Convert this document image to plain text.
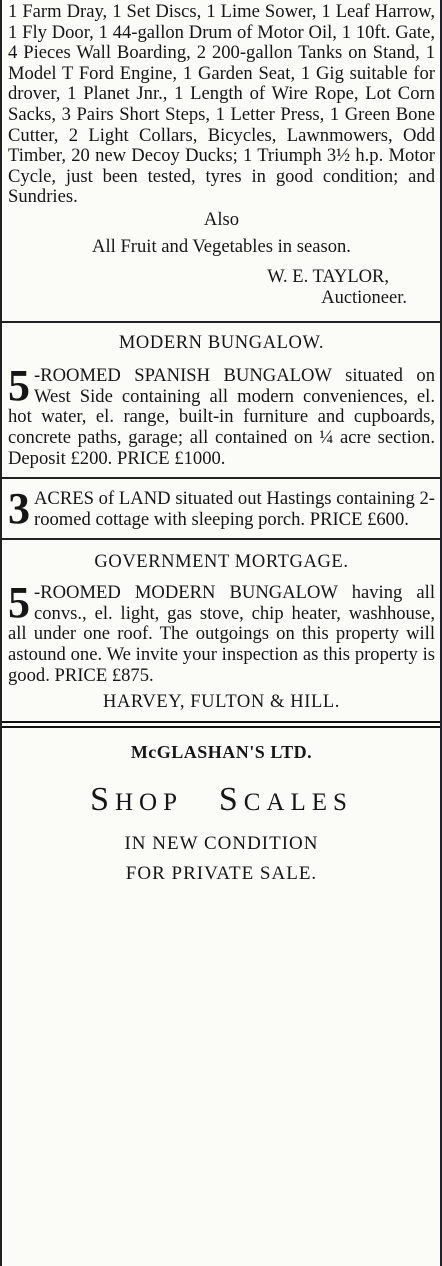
1 Farm Dray, 1 Set Discs, 1 Lime Sower, 1 Leaf Harrow, 1 Fly Door, 1 44-gallon Drum of Motor Oil, 1 10ft. Gate, 4 Pieces Wall Boarding, 2 200-gallon Tanks on Stand, 1 Model T Ford Engine, 1 Garden Seat, 1 Gig suitable for drover, 1 Planet Jnr., 1 Length of Wire Rope, Lot Corn Sacks, 3 Pairs Short Steps, 1 Letter Press, 1 Green Bone Cutter, 2 Light Collars, Bicycles, Lawnmowers, Odd Timber, 20 new Decoy Ducks; 1 Triumph 3½ h.p. Motor Cycle, just been tested, tyres in good condition; and Sundries.

Also
All Fruit and Vegetables in season.
W. E. TAYLOR,
Auctioneer.
MODERN BUNGALOW.

5 -ROOMED SPANISH BUNGALOW situated on West Side containing all modern conveniences, el. hot water, el. range, built-in furniture and cupboards, concrete paths, garage; all contained on ¼ acre section. Deposit £200. PRICE £1000.

3 ACRES of LAND situated out Hastings containing 2-roomed cottage with sleeping porch. PRICE £600.

GOVERNMENT MORTGAGE.

5 -ROOMED MODERN BUNGALOW having all convs., el. light, gas stove, chip heater, washhouse, all under one roof. The outgoings on this property will astound one. We invite your inspection as this property is good. PRICE £875.

HARVEY, FULTON & HILL.
McGLASHAN'S LTD.
SHOP SCALES
IN NEW CONDITION
FOR PRIVATE SALE.
